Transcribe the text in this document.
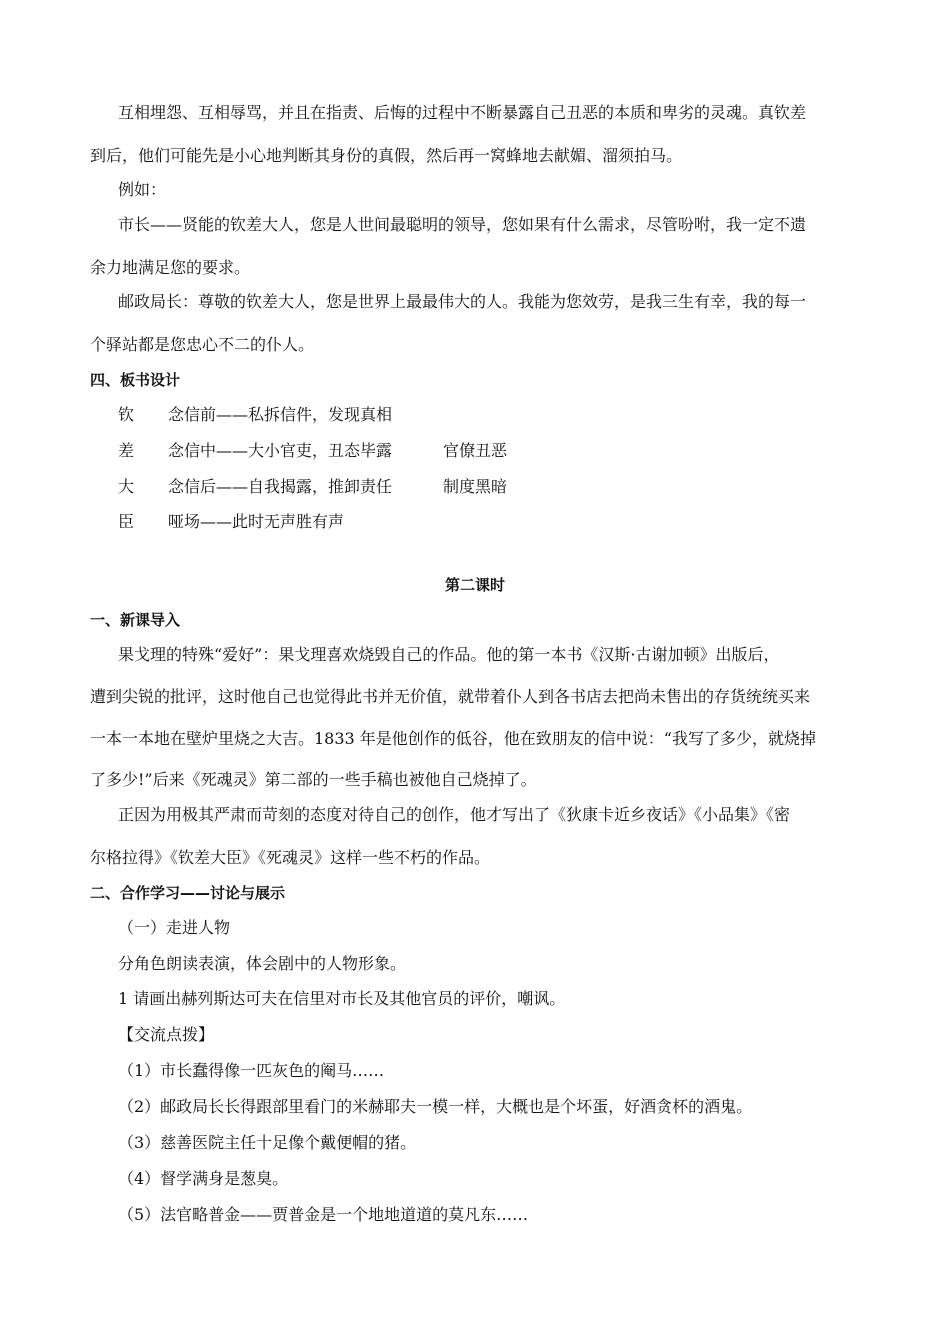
互相埋怨、互相辱骂，并且在指责、后悔的过程中不断暴露自己丑恶的本质和卑劣的灵魂。真钦差
到后，他们可能先是小心地判断其身份的真假，然后再一窝蜂地去献媚、溜须拍马。
例如：
市长——贤能的钦差大人，您是人世间最聪明的领导，您如果有什么需求，尽管吩咐，我一定不遗
余力地满足您的要求。
邮政局长：尊敬的钦差大人，您是世界上最最伟大的人。我能为您效劳，是我三生有幸，我的每一
个驿站都是您忠心不二的仆人。
四、板书设计
钦 念信前——私拆信件，发现真相
差 念信中——大小官吏，丑态毕露	官僚丑恶
大 念信后——自我揭露，推卸责任	制度黑暗
臣 哑场——此时无声胜有声
第二课时
一、新课导入
果戈理的特殊“爱好”：果戈理喜欢烧毁自己的作品。他的第一本书《汉斯·古谢加顿》出版后，
遭到尖锐的批评，这时他自己也觉得此书并无价值，就带着仆人到各书店去把尚未售出的存货统统买来
一本一本地在壁炉里烧之大吉。1833 年是他创作的低谷，他在致朋友的信中说：“我写了多少，就烧掉
了多少!”后来《死魂灵》第二部的一些手稿也被他自己烧掉了。
正因为用极其严肃而苛刻的态度对待自己的创作，他才写出了《狄康卡近乡夜话》《小品集》《密
尔格拉得》《钦差大臣》《死魂灵》这样一些不朽的作品。
二、合作学习——讨论与展示
（一）走进人物
分角色朗读表演，体会剧中的人物形象。
1 请画出赫列斯达可夫在信里对市长及其他官员的评价，嘲讽。
【交流点拨】
（1）市长蠢得像一匹灰色的阉马……
（2）邮政局长长得跟部里看门的米赫耶夫一模一样，大概也是个坏蛋，好酒贪杯的酒鬼。
（3）慈善医院主任十足像个戴便帽的猪。
（4）督学满身是葱臭。
（5）法官略普金——贾普金是一个地地道道的莫凡东……
